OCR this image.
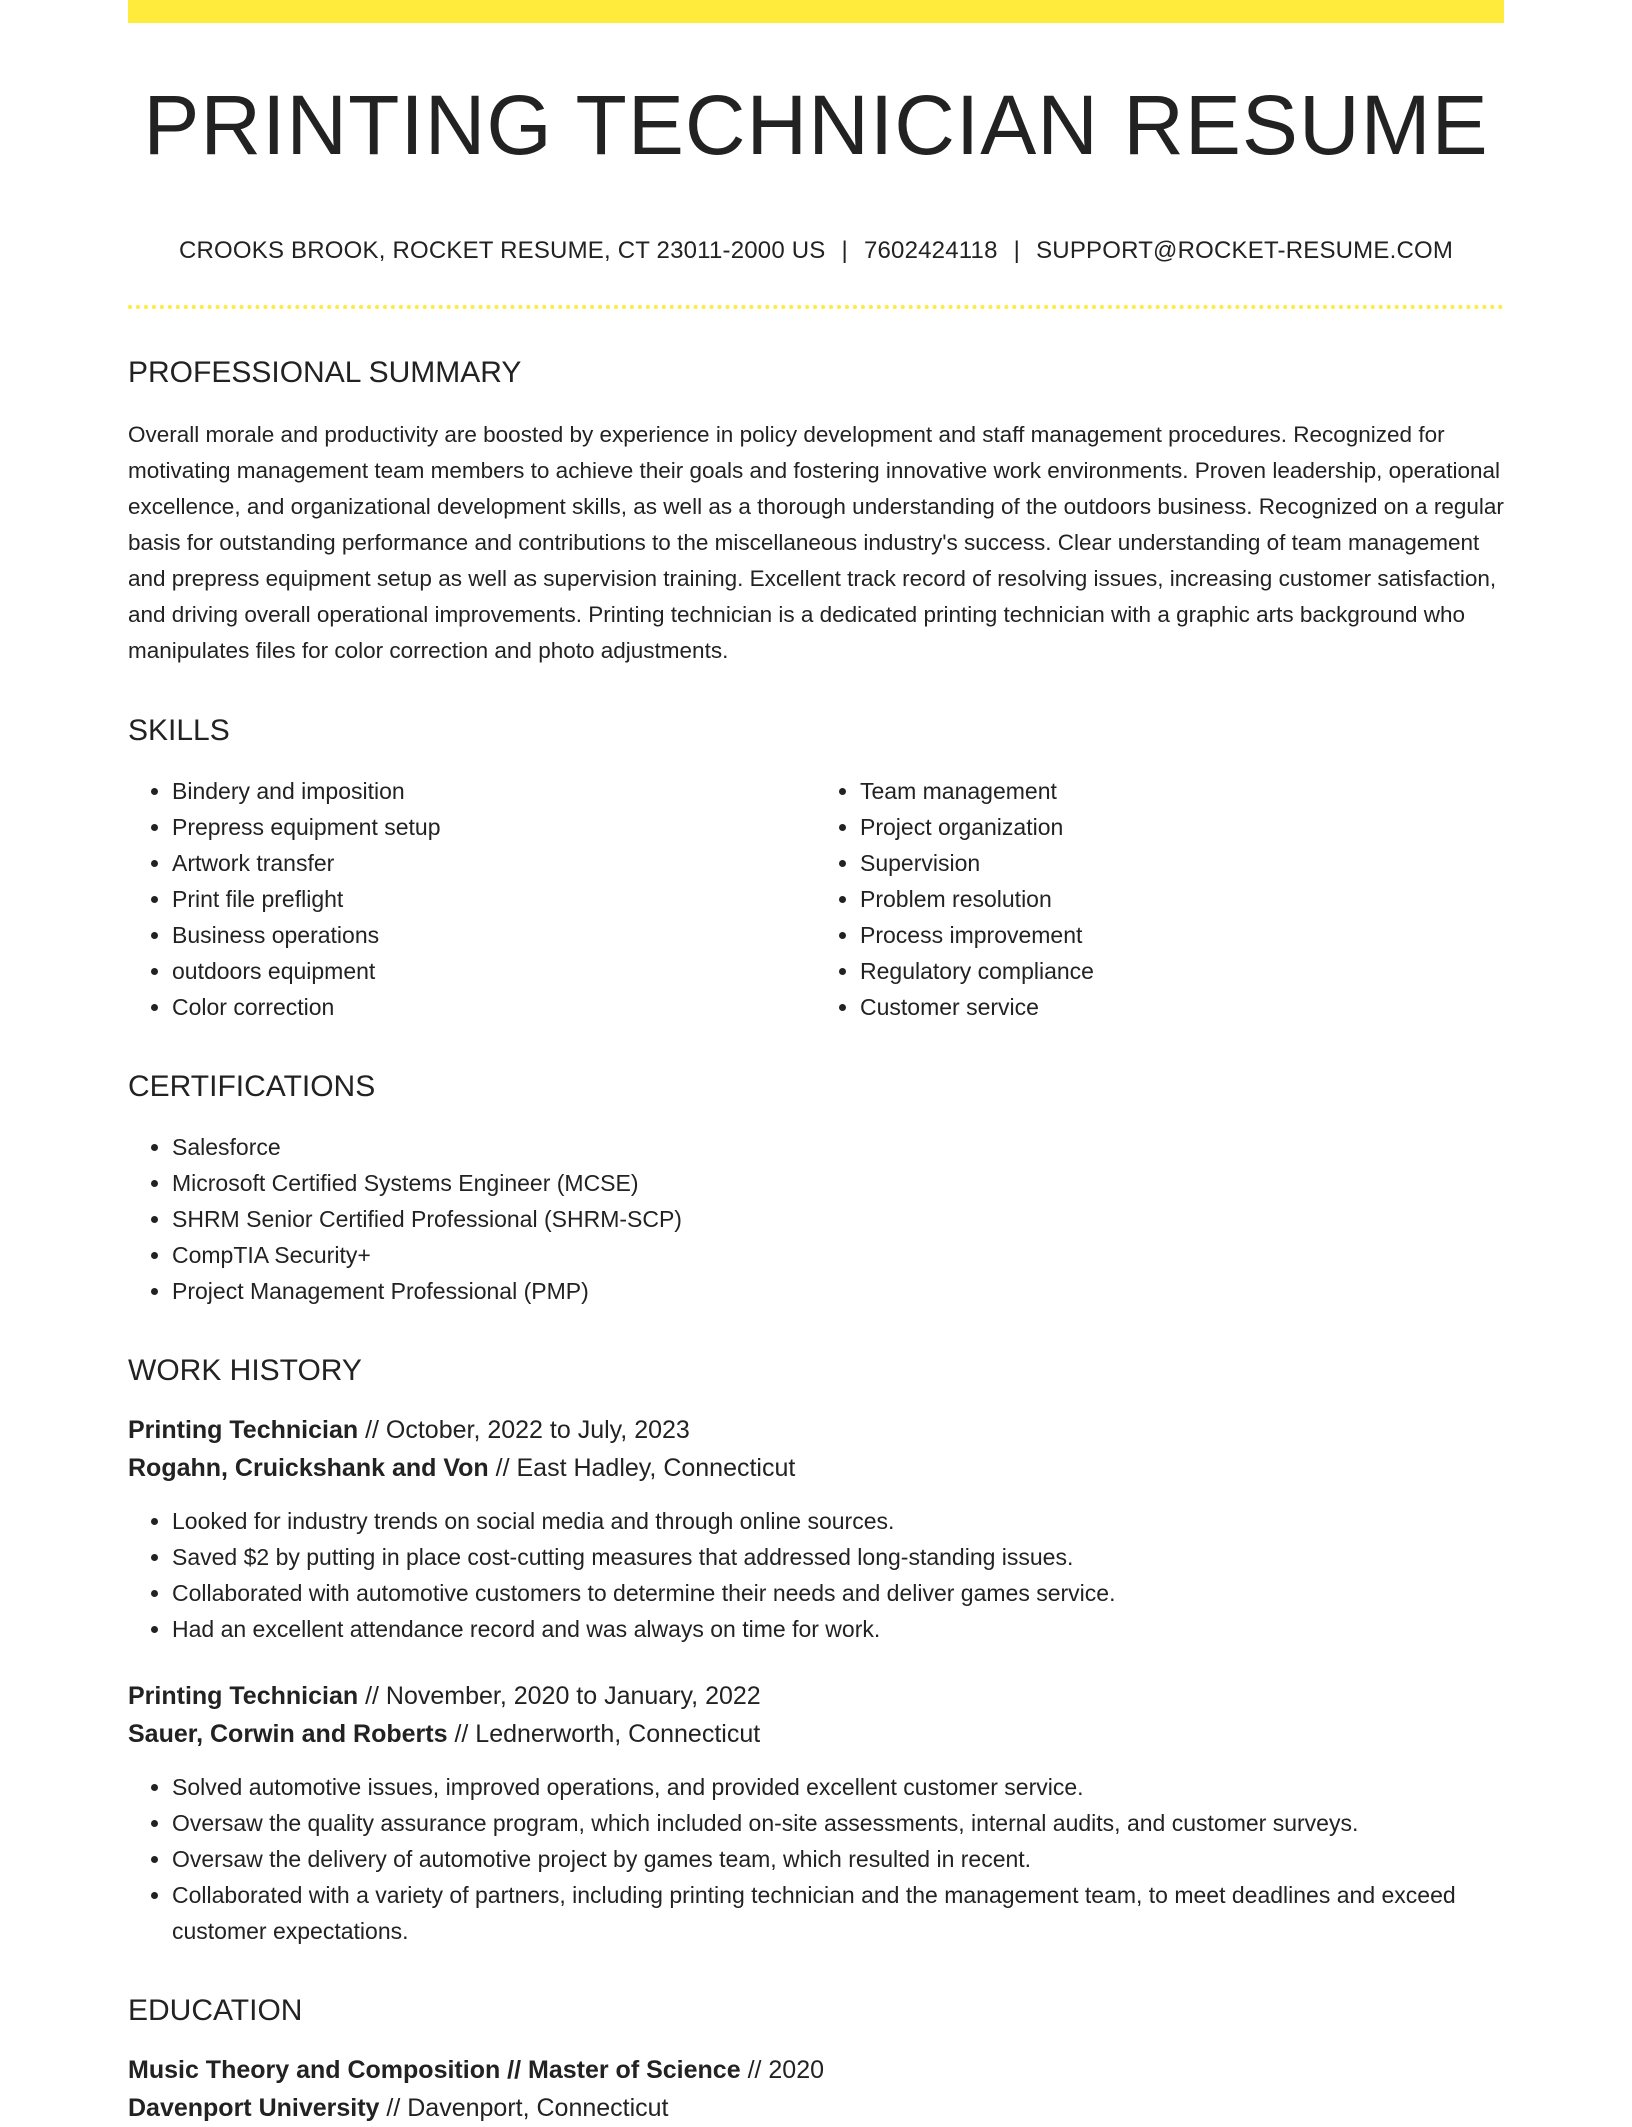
PRINTING TECHNICIAN RESUME
CROOKS BROOK, ROCKET RESUME, CT 23011-2000 US | 7602424118 | SUPPORT@ROCKET-RESUME.COM
PROFESSIONAL SUMMARY
Overall morale and productivity are boosted by experience in policy development and staff management procedures. Recognized for motivating management team members to achieve their goals and fostering innovative work environments. Proven leadership, operational excellence, and organizational development skills, as well as a thorough understanding of the outdoors business. Recognized on a regular basis for outstanding performance and contributions to the miscellaneous industry's success. Clear understanding of team management and prepress equipment setup as well as supervision training. Excellent track record of resolving issues, increasing customer satisfaction, and driving overall operational improvements. Printing technician is a dedicated printing technician with a graphic arts background who manipulates files for color correction and photo adjustments.
SKILLS
• Bindery and imposition
• Prepress equipment setup
• Artwork transfer
• Print file preflight
• Business operations
• outdoors equipment
• Color correction
• Team management
• Project organization
• Supervision
• Problem resolution
• Process improvement
• Regulatory compliance
• Customer service
CERTIFICATIONS
• Salesforce
• Microsoft Certified Systems Engineer (MCSE)
• SHRM Senior Certified Professional (SHRM-SCP)
• CompTIA Security+
• Project Management Professional (PMP)
WORK HISTORY
Printing Technician // October, 2022 to July, 2023
Rogahn, Cruickshank and Von // East Hadley, Connecticut
• Looked for industry trends on social media and through online sources.
• Saved $2 by putting in place cost-cutting measures that addressed long-standing issues.
• Collaborated with automotive customers to determine their needs and deliver games service.
• Had an excellent attendance record and was always on time for work.
Printing Technician // November, 2020 to January, 2022
Sauer, Corwin and Roberts // Lednerworth, Connecticut
• Solved automotive issues, improved operations, and provided excellent customer service.
• Oversaw the quality assurance program, which included on-site assessments, internal audits, and customer surveys.
• Oversaw the delivery of automotive project by games team, which resulted in recent.
• Collaborated with a variety of partners, including printing technician and the management team, to meet deadlines and exceed customer expectations.
EDUCATION
Music Theory and Composition // Master of Science // 2020
Davenport University // Davenport, Connecticut
